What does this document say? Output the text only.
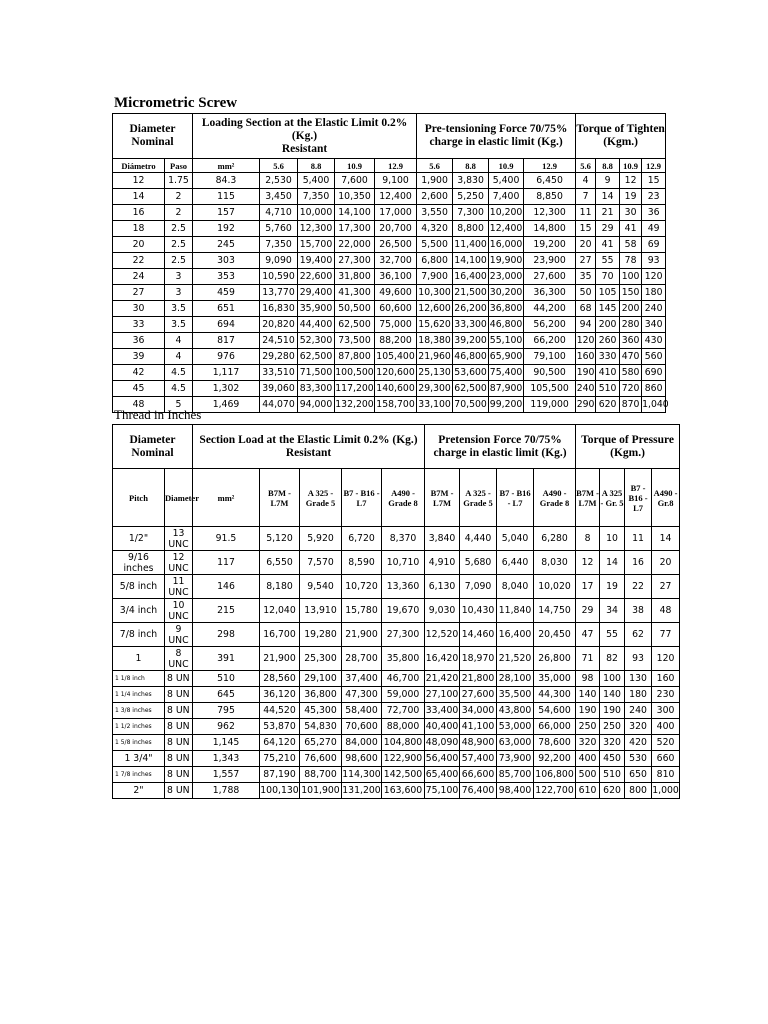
Micrometric Screw
Diameter Nominal		Loading Section at the Elastic Limit 0.2% (Kg.)
Resistant					Pre-tensioning Force 70/75% charge in elastic limit (Kg.)				Torque of Tighten (Kgm.)			
Diámetro	Paso	mm²	5.6	8.8	10.9	12.9	5.6	8.8	10.9	12.9	5.6	8.8	10.9	12.9
12	1.75	84.3	2,530	5,400	7,600	9,100	1,900	3,830	5,400	6,450	4	9	12	15
14	2	115	3,450	7,350	10,350	12,400	2,600	5,250	7,400	8,850	7	14	19	23
16	2	157	4,710	10,000	14,100	17,000	3,550	7,300	10,200	12,300	11	21	30	36
18	2.5	192	5,760	12,300	17,300	20,700	4,320	8,800	12,400	14,800	15	29	41	49
20	2.5	245	7,350	15,700	22,000	26,500	5,500	11,400	16,000	19,200	20	41	58	69
22	2.5	303	9,090	19,400	27,300	32,700	6,800	14,100	19,900	23,900	27	55	78	93
24	3	353	10,590	22,600	31,800	36,100	7,900	16,400	23,000	27,600	35	70	100	120
27	3	459	13,770	29,400	41,300	49,600	10,300	21,500	30,200	36,300	50	105	150	180
30	3.5	651	16,830	35,900	50,500	60,600	12,600	26,200	36,800	44,200	68	145	200	240
33	3.5	694	20,820	44,400	62,500	75,000	15,620	33,300	46,800	56,200	94	200	280	340
36	4	817	24,510	52,300	73,500	88,200	18,380	39,200	55,100	66,200	120	260	360	430
39	4	976	29,280	62,500	87,800	105,400	21,960	46,800	65,900	79,100	160	330	470	560
42	4.5	1,117	33,510	71,500	100,500	120,600	25,130	53,600	75,400	90,500	190	410	580	690
45	4.5	1,302	39,060	83,300	117,200	140,600	29,300	62,500	87,900	105,500	240	510	720	860
48	5	1,469	44,070	94,000	132,200	158,700	33,100	70,500	99,200	119,000	290	620	870	1,040
Thread in Inches
Diameter Nominal		Section Load at the Elastic Limit 0.2% (Kg.)
Resistant					Pretension Force 70/75% charge in elastic limit (Kg.)				Torque of Pressure (Kgm.)			
Pitch	Diameter	mm²	B7M - L7M	A 325 - Grade 5	B7 - B16 - L7	A490 - Grade 8	B7M - L7M	A 325 - Grade 5	B7 - B16 - L7	A490 - Grade 8	B7M - L7M	A 325 - Gr. 5	B7 - B16 - L7	A490 - Gr.8
1/2"	13 UNC	91.5	5,120	5,920	6,720	8,370	3,840	4,440	5,040	6,280	8	10	11	14
9/16 inches	12 UNC	117	6,550	7,570	8,590	10,710	4,910	5,680	6,440	8,030	12	14	16	20
5/8 inch	11 UNC	146	8,180	9,540	10,720	13,360	6,130	7,090	8,040	10,020	17	19	22	27
3/4 inch	10 UNC	215	12,040	13,910	15,780	19,670	9,030	10,430	11,840	14,750	29	34	38	48
7/8 inch	9 UNC	298	16,700	19,280	21,900	27,300	12,520	14,460	16,400	20,450	47	55	62	77
1	8 UNC	391	21,900	25,300	28,700	35,800	16,420	18,970	21,520	26,800	71	82	93	120
1 1/8 inch	8 UN	510	28,560	29,100	37,400	46,700	21,420	21,800	28,100	35,000	98	100	130	160
1 1/4 inches	8 UN	645	36,120	36,800	47,300	59,000	27,100	27,600	35,500	44,300	140	140	180	230
1 3/8 inches	8 UN	795	44,520	45,300	58,400	72,700	33,400	34,000	43,800	54,600	190	190	240	300
1 1/2 inches	8 UN	962	53,870	54,830	70,600	88,000	40,400	41,100	53,000	66,000	250	250	320	400
1 5/8 inches	8 UN	1,145	64,120	65,270	84,000	104,800	48,090	48,900	63,000	78,600	320	320	420	520
1 3/4"	8 UN	1,343	75,210	76,600	98,600	122,900	56,400	57,400	73,900	92,200	400	450	530	660
1 7/8 inches	8 UN	1,557	87,190	88,700	114,300	142,500	65,400	66,600	85,700	106,800	500	510	650	810
2"	8 UN	1,788	100,130	101,900	131,200	163,600	75,100	76,400	98,400	122,700	610	620	800	1,000
